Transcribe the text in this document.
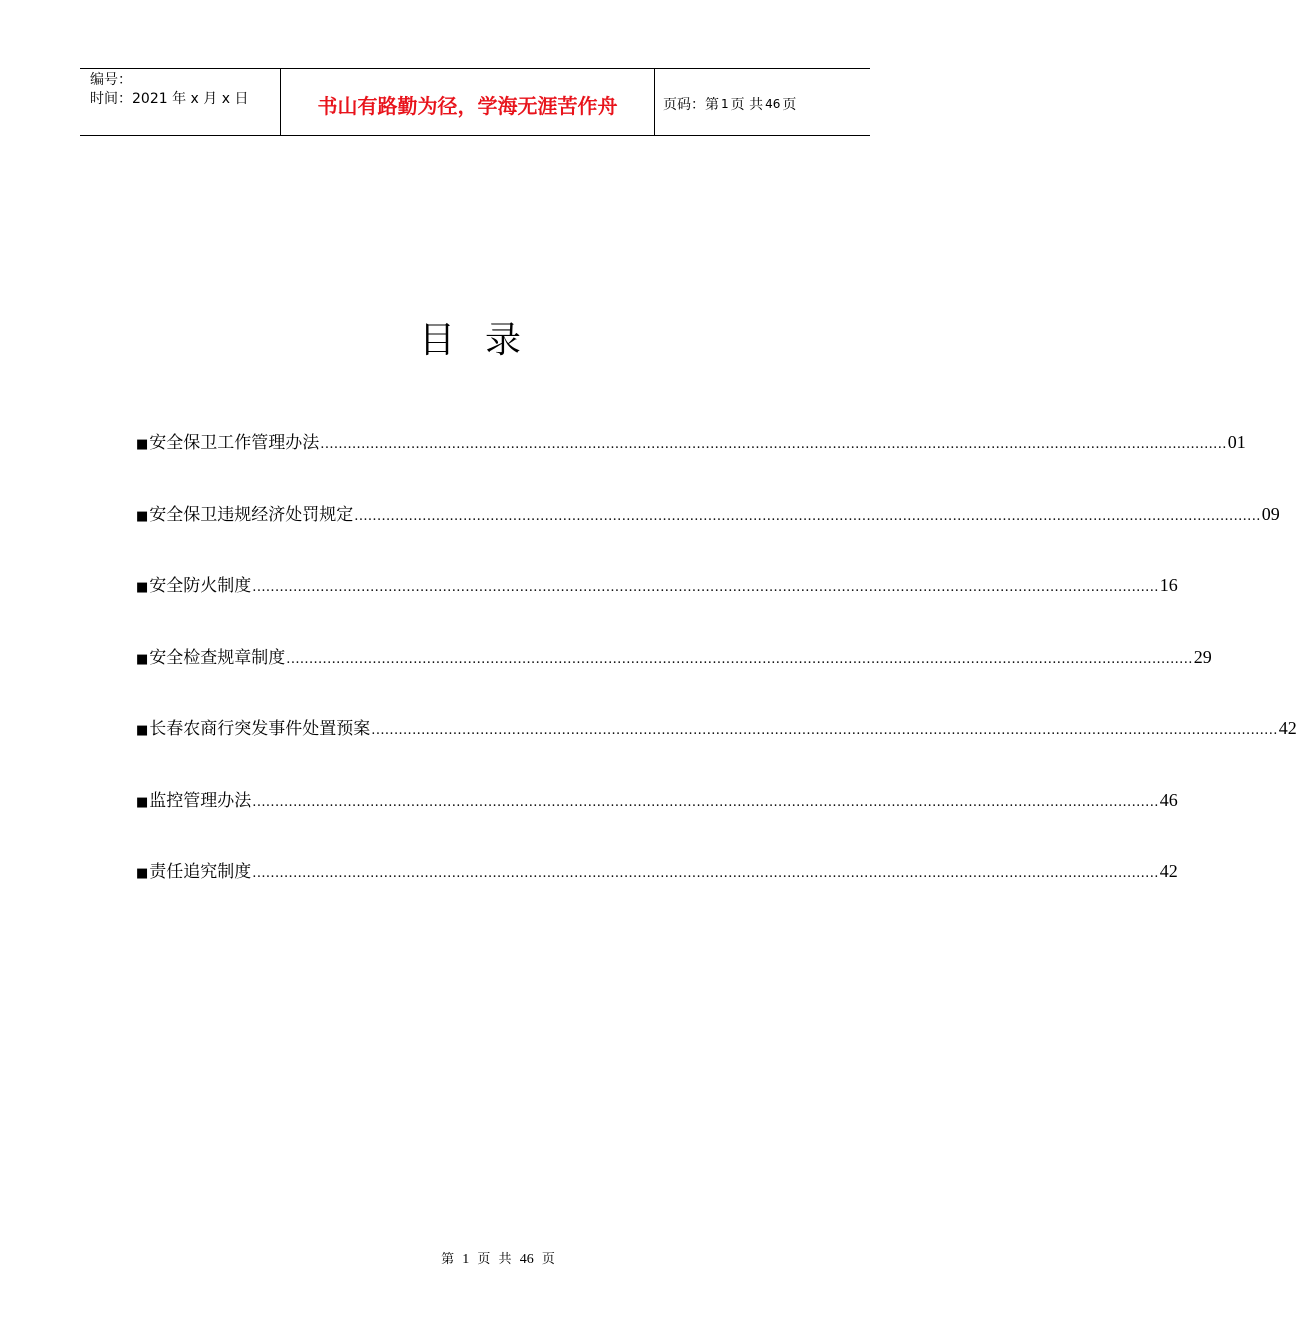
编号：
时间：2021 年 x 月 x 日	书山有路勤为径，学海无涯苦作舟	页码：第 1 页 共 46 页
目录
■ 安全保卫工作管理办法 ........................................................................................................................................................................................................ 01
■ 安全保卫违规经济处罚规定 ........................................................................................................................................................................................................ 09
■ 安全防火制度 ........................................................................................................................................................................................................ 16
■ 安全检查规章制度 ........................................................................................................................................................................................................ 29
■ 长春农商行突发事件处置预案 ........................................................................................................................................................................................................ 42
■ 监控管理办法 ........................................................................................................................................................................................................ 46
■ 责任追究制度 ........................................................................................................................................................................................................ 42
第 1 页 共 46 页
